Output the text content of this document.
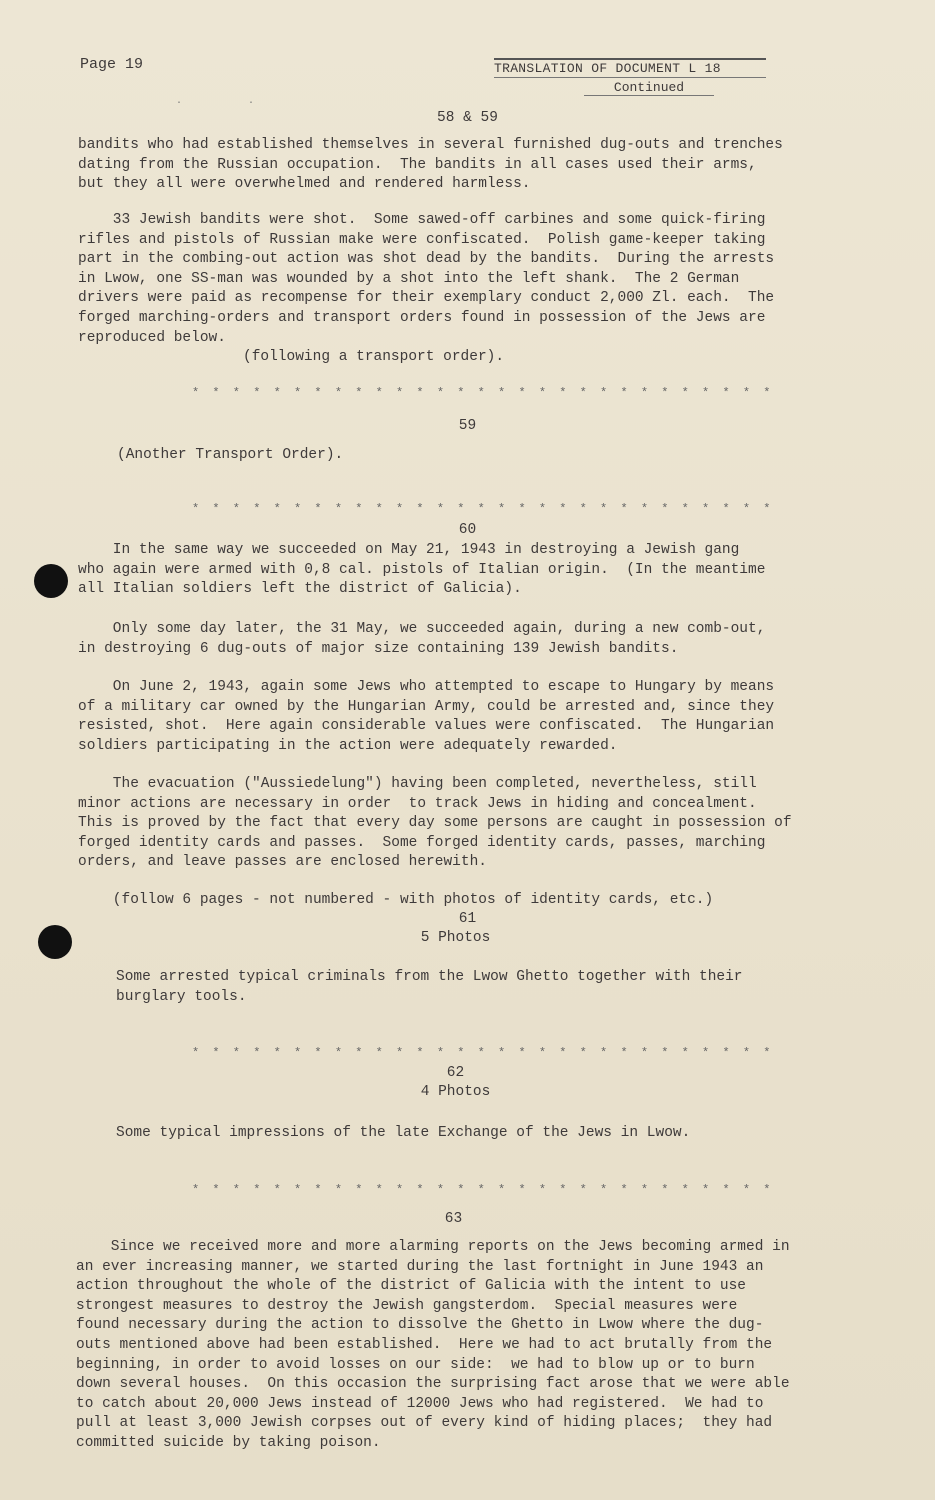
Page 19	TRANSLATION OF DOCUMENT L 18
Continued
.           .
58 & 59
bandits who had established themselves in several furnished dug-outs and trenches
dating from the Russian occupation.  The bandits in all cases used their arms,
but they all were overwhelmed and rendered harmless.
33 Jewish bandits were shot.  Some sawed-off carbines and some quick-firing
rifles and pistols of Russian make were confiscated.  Polish game-keeper taking
part in the combing-out action was shot dead by the bandits.  During the arrests
in Lwow, one SS-man was wounded by a shot into the left shank.  The 2 German
drivers were paid as recompense for their exemplary conduct 2,000 Zl. each.  The
forged marching-orders and transport orders found in possession of the Jews are
reproduced below.
(following a transport order).
* * * * * * * * * * * * * * * * * * * * * * * * * * * * *
59
(Another Transport Order).
* * * * * * * * * * * * * * * * * * * * * * * * * * * * *
60
In the same way we succeeded on May 21, 1943 in destroying a Jewish gang
who again were armed with 0,8 cal. pistols of Italian origin.  (In the meantime
all Italian soldiers left the district of Galicia).
Only some day later, the 31 May, we succeeded again, during a new comb-out,
in destroying 6 dug-outs of major size containing 139 Jewish bandits.
On June 2, 1943, again some Jews who attempted to escape to Hungary by means
of a military car owned by the Hungarian Army, could be arrested and, since they
resisted, shot.  Here again considerable values were confiscated.  The Hungarian
soldiers participating in the action were adequately rewarded.
The evacuation ("Aussiedelung") having been completed, nevertheless, still
minor actions are necessary in order  to track Jews in hiding and concealment.
This is proved by the fact that every day some persons are caught in possession of
forged identity cards and passes.  Some forged identity cards, passes, marching
orders, and leave passes are enclosed herewith.
(follow 6 pages - not numbered - with photos of identity cards, etc.)
61
5 Photos
Some arrested typical criminals from the Lwow Ghetto together with their
burglary tools.
* * * * * * * * * * * * * * * * * * * * * * * * * * * * *
62
4 Photos
Some typical impressions of the late Exchange of the Jews in Lwow.
* * * * * * * * * * * * * * * * * * * * * * * * * * * * *
63
Since we received more and more alarming reports on the Jews becoming armed in
an ever increasing manner, we started during the last fortnight in June 1943 an
action throughout the whole of the district of Galicia with the intent to use
strongest measures to destroy the Jewish gangsterdom.  Special measures were
found necessary during the action to dissolve the Ghetto in Lwow where the dug-
outs mentioned above had been established.  Here we had to act brutally from the
beginning, in order to avoid losses on our side:  we had to blow up or to burn
down several houses.  On this occasion the surprising fact arose that we were able
to catch about 20,000 Jews instead of 12000 Jews who had registered.  We had to
pull at least 3,000 Jewish corpses out of every kind of hiding places;  they had
committed suicide by taking poison.
